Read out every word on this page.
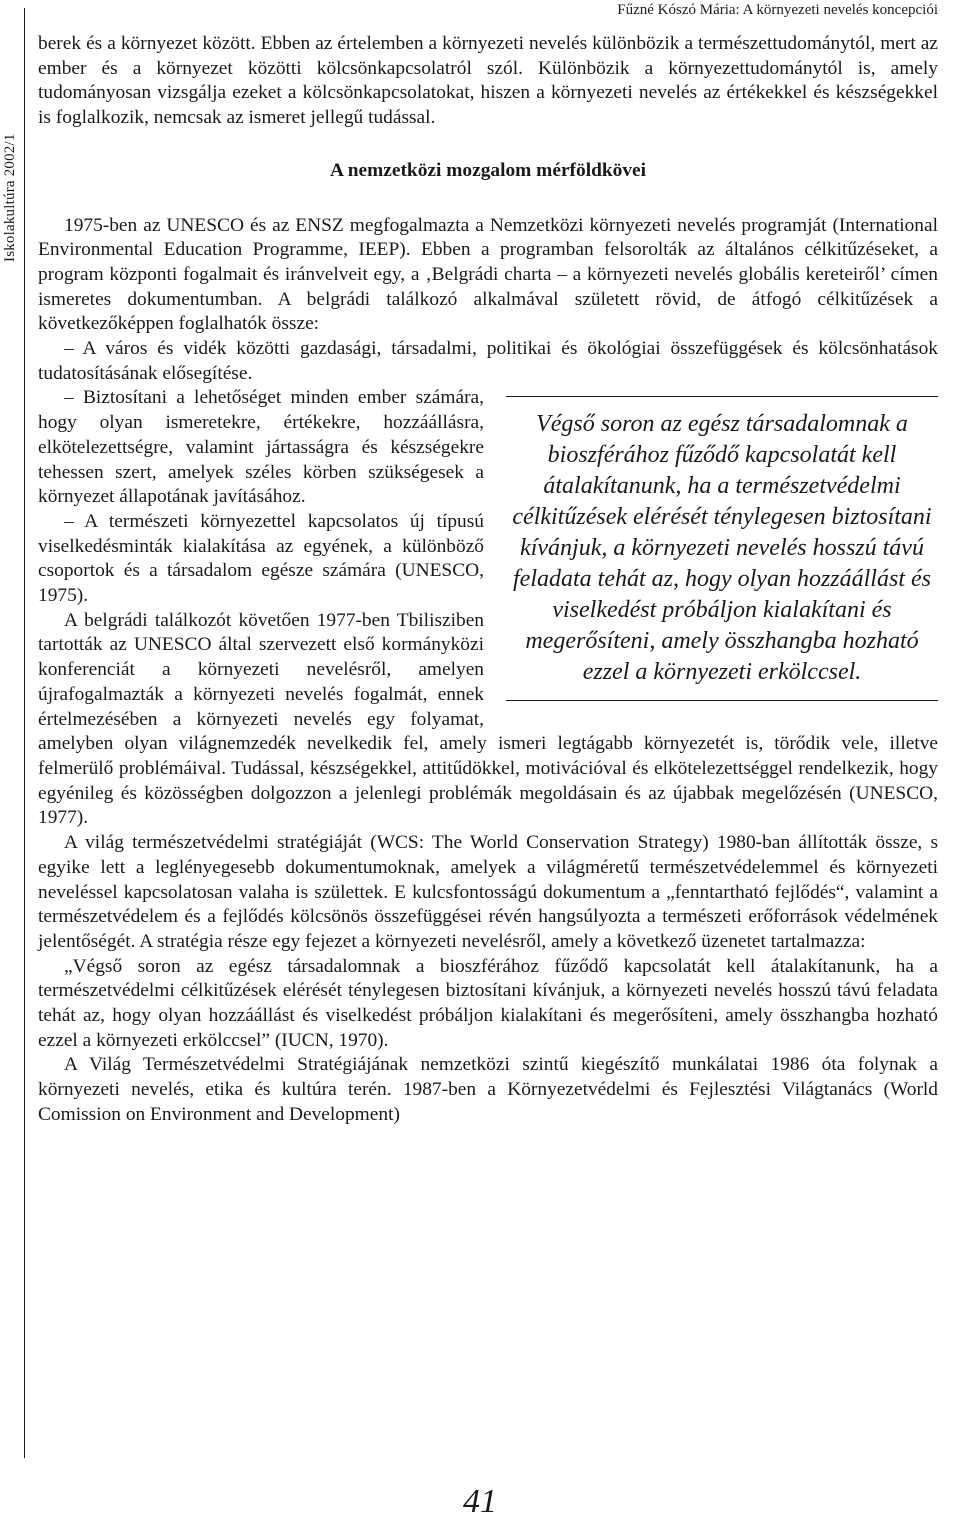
Iskolakultúra 2002/1
Fűzné Kószó Mária: A környezeti nevelés koncepciói

berek és a környezet között. Ebben az értelemben a környezeti nevelés különbözik a természettudománytól, mert az ember és a környezet közötti kölcsönkapcsolatról szól. Különbözik a környezettudománytól is, amely tudományosan vizsgálja ezeket a kölcsönkapcsolatokat, hiszen a környezeti nevelés az értékekkel és készségekkel is foglalkozik, nemcsak az ismeret jellegű tudással.

A nemzetközi mozgalom mérföldkövei

1975-ben az UNESCO és az ENSZ megfogalmazta a Nemzetközi környezeti nevelés programját (International Environmental Education Programme, IEEP). Ebben a programban felsorolták az általános célkitűzéseket, a program központi fogalmait és iránvelveit egy, a ‚Belgrádi charta – a környezeti nevelés globális kereteiről’ címen ismeretes dokumentumban. A belgrádi találkozó alkalmával született rövid, de átfogó célkitűzések a következőképpen foglalhatók össze:

– A város és vidék közötti gazdasági, társadalmi, politikai és ökológiai összefüggések és kölcsönhatások tudatosításának elősegítése.

Végső soron az egész társadalomnak a bioszférához fűződő kapcsolatát kell átalakítanunk, ha a természetvédelmi célkitűzések elérését ténylegesen biztosítani kívánjuk, a környezeti nevelés hosszú távú feladata tehát az, hogy olyan hozzáállást és viselkedést próbáljon kialakítani és megerősíteni, amely összhangba hozható ezzel a környezeti erkölccsel.

– Biztosítani a lehetőséget minden ember számára, hogy olyan ismeretekre, értékekre, hozzáállásra, elkötelezettségre, valamint jártasságra és készségekre tehessen szert, amelyek széles körben szükségesek a környezet állapotának javításához.

– A természeti környezettel kapcsolatos új típusú viselkedésminták kialakítása az egyének, a különböző csoportok és a társadalom egésze számára (UNESCO, 1975).

A belgrádi találkozót követően 1977-ben Tbilisziben tartották az UNESCO által szervezett első kormányközi konferenciát a környezeti nevelésről, amelyen újrafogalmazták a környezeti nevelés fogalmát, ennek értelmezésében a környezeti nevelés egy folyamat, amelyben olyan világnemzedék nevelkedik fel, amely ismeri legtágabb környezetét is, törődik vele, illetve felmerülő problémáival. Tudással, készségekkel, attitűdökkel, motivációval és elkötelezettséggel rendelkezik, hogy egyénileg és közösségben dolgozzon a jelenlegi problémák megoldásain és az újabbak megelőzésén (UNESCO, 1977).

A világ természetvédelmi stratégiáját (WCS: The World Conservation Strategy) 1980-ban állították össze, s egyike lett a leglényegesebb dokumentumoknak, amelyek a világméretű természetvédelemmel és környezeti neveléssel kapcsolatosan valaha is születtek. E kulcsfontosságú dokumentum a „fenntartható fejlődés“, valamint a természetvédelem és a fejlődés kölcsönös összefüggései révén hangsúlyozta a természeti erőforrások védelmének jelentőségét. A stratégia része egy fejezet a környezeti nevelésről, amely a következő üzenetet tartalmazza:

„Végső soron az egész társadalomnak a bioszférához fűződő kapcsolatát kell átalakítanunk, ha a természetvédelmi célkitűzések elérését ténylegesen biztosítani kívánjuk, a környezeti nevelés hosszú távú feladata tehát az, hogy olyan hozzáállást és viselkedést próbáljon kialakítani és megerősíteni, amely összhangba hozható ezzel a környezeti erkölccsel” (IUCN, 1970).

A Világ Természetvédelmi Stratégiájának nemzetközi szintű kiegészítő munkálatai 1986 óta folynak a környezeti nevelés, etika és kultúra terén. 1987-ben a Környezetvédelmi és Fejlesztési Világtanács (World Comission on Environment and Development)

41
